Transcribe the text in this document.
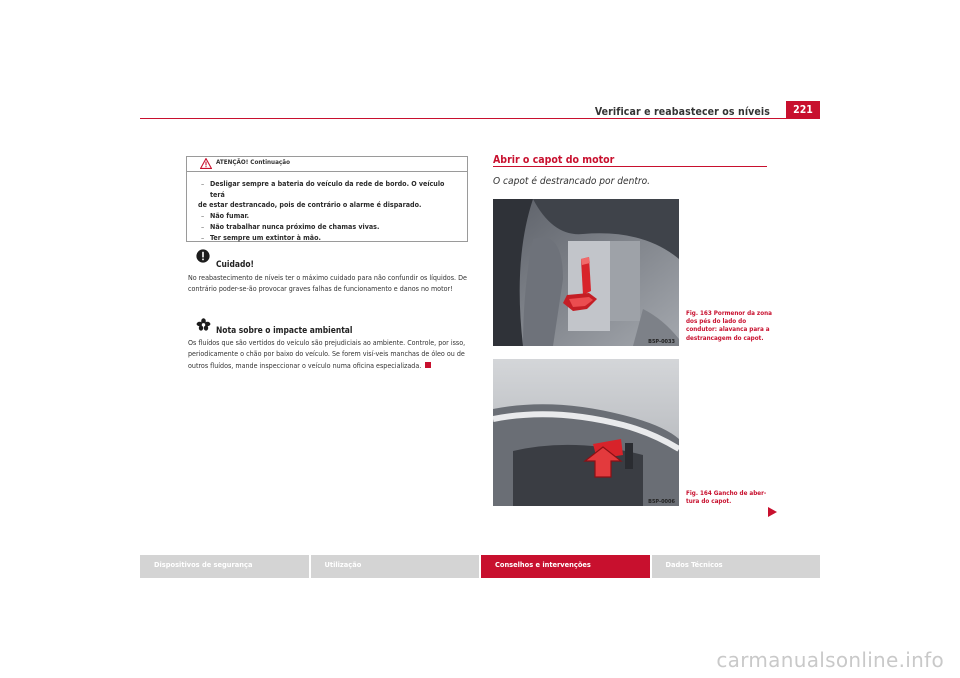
Verificar e reabastecer os níveis	221
ATENÇÃO! Continuação
– Desligar sempre a bateria do veículo da rede de bordo. O veículo terá
de estar destrancado, pois de contrário o alarme é disparado.
– Não fumar.
– Não trabalhar nunca próximo de chamas vivas.
– Ter sempre um extintor à mão.
Cuidado!

No reabastecimento de níveis ter o máximo cuidado para não confundir os líquidos. De contrário poder-se-ão provocar graves falhas de funcionamento e danos no motor!

Nota sobre o impacte ambiental

Os fluídos que são vertidos do veículo são prejudiciais ao ambiente. Controle, por isso, periodicamente o chão por baixo do veículo. Se forem visí-veis manchas de óleo ou de outros fluídos, mande inspeccionar o veículo numa oficina especializada.

Abrir o capot do motor
O capot é destrancado por dentro.
B5P-0033
B5P-0006
Fig. 163 Pormenor da zona dos pés do lado do condutor: alavanca para a destrancagem do capot.
Fig. 164 Gancho de aber-tura do capot.
Dispositivos de segurança	Utilização	Conselhos e intervenções	Dados Técnicos
carmanualsonline.info
